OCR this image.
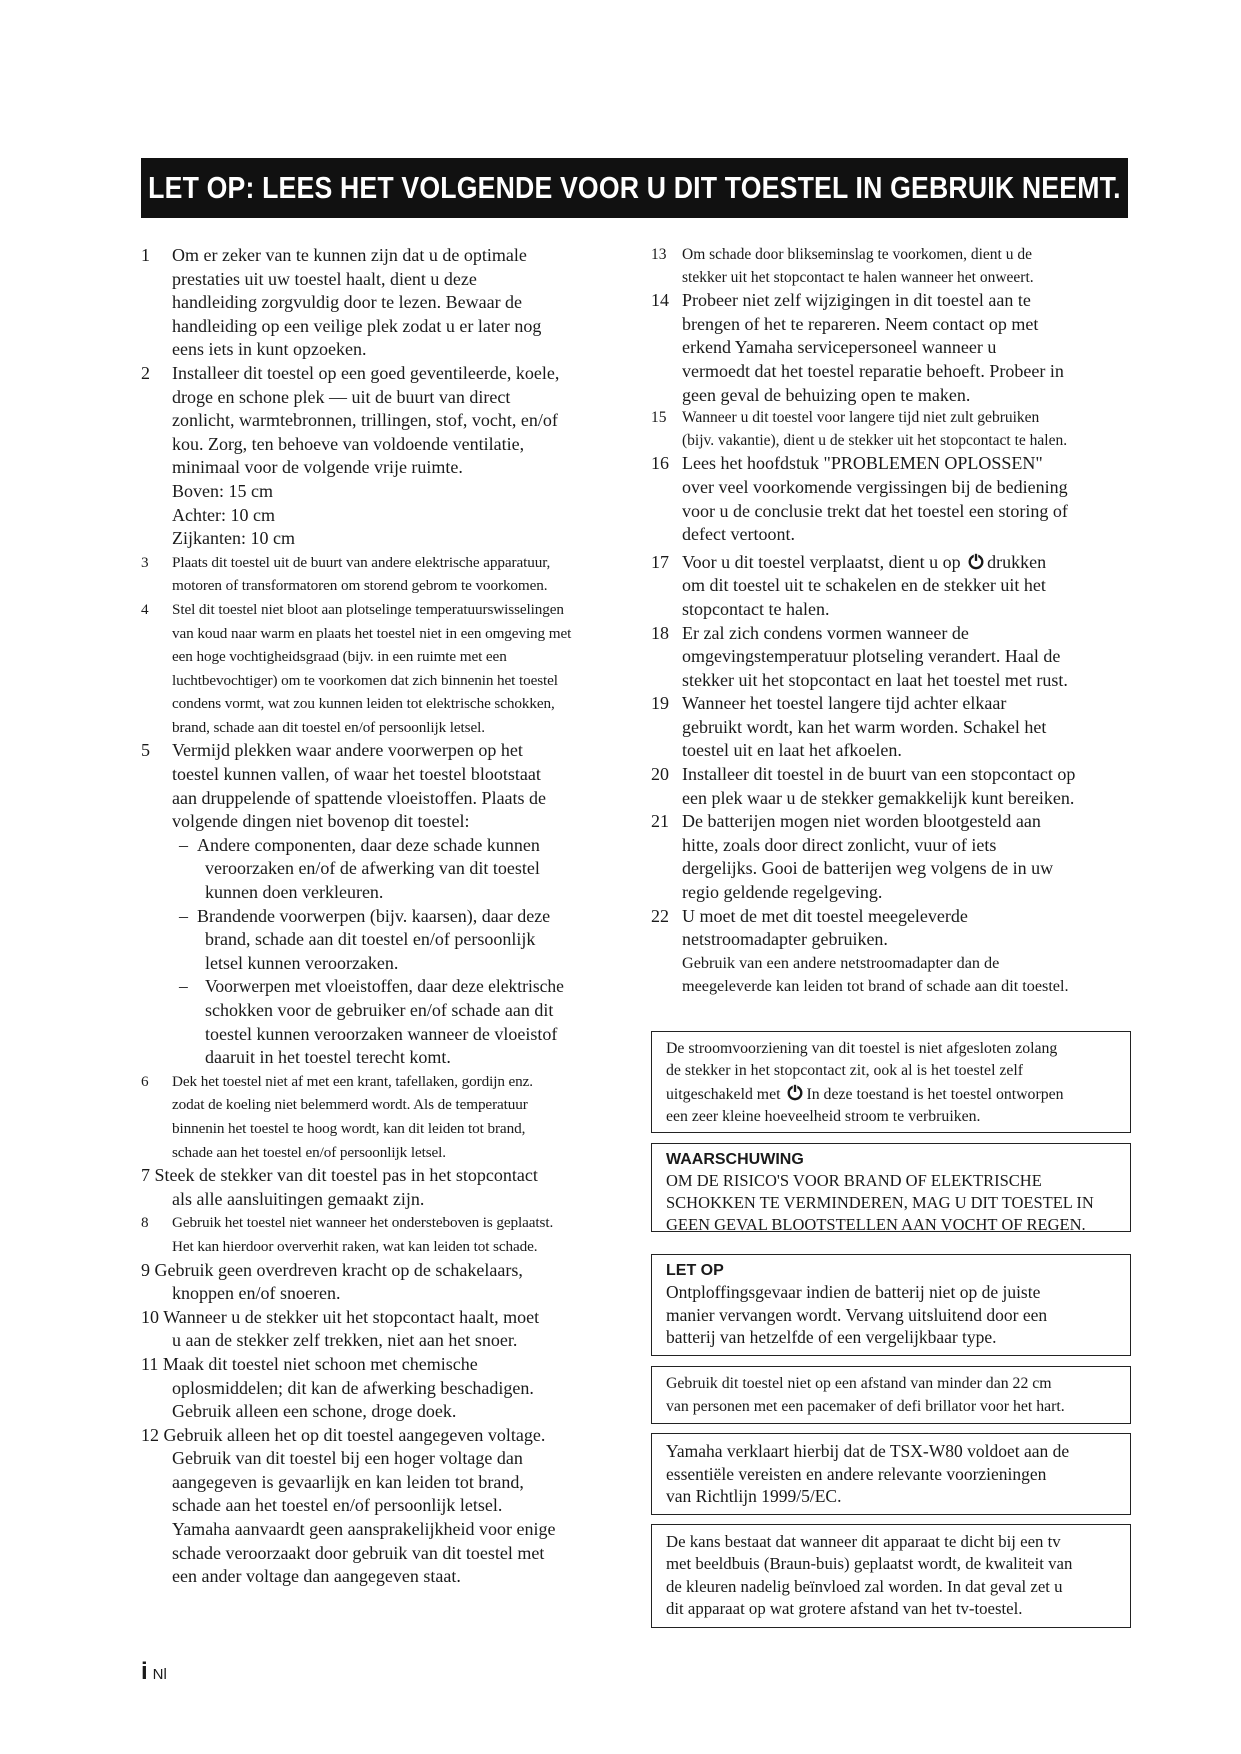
LET OP: LEES HET VOLGENDE VOOR U DIT TOESTEL IN GEBRUIK NEEMT.
1 Om er zeker van te kunnen zijn dat u de optimale
prestaties uit uw toestel haalt, dient u deze
handleiding zorgvuldig door te lezen. Bewaar de
handleiding op een veilige plek zodat u er later nog
eens iets in kunt opzoeken.
2 Installeer dit toestel op een goed geventileerde, koele,
droge en schone plek — uit de buurt van direct
zonlicht, warmtebronnen, trillingen, stof, vocht, en/of
kou. Zorg, ten behoeve van voldoende ventilatie,
minimaal voor de volgende vrije ruimte.
Boven: 15 cm
Achter: 10 cm
Zijkanten: 10 cm
3 Plaats dit toestel uit de buurt van andere elektrische apparatuur,
motoren of transformatoren om storend gebrom te voorkomen.
4 Stel dit toestel niet bloot aan plotselinge temperatuurswisselingen
van koud naar warm en plaats het toestel niet in een omgeving met
een hoge vochtigheidsgraad (bijv. in een ruimte met een
luchtbevochtiger) om te voorkomen dat zich binnenin het toestel
condens vormt, wat zou kunnen leiden tot elektrische schokken,
brand, schade aan dit toestel en/of persoonlijk letsel.
5 Vermijd plekken waar andere voorwerpen op het
toestel kunnen vallen, of waar het toestel blootstaat
aan druppelende of spattende vloeistoffen. Plaats de
volgende dingen niet bovenop dit toestel:
– Andere componenten, daar deze schade kunnen
veroorzaken en/of de afwerking van dit toestel
kunnen doen verkleuren.
– Brandende voorwerpen (bijv. kaarsen), daar deze
brand, schade aan dit toestel en/of persoonlijk
letsel kunnen veroorzaken.
– Voorwerpen met vloeistoffen, daar deze elektrische
schokken voor de gebruiker en/of schade aan dit
toestel kunnen veroorzaken wanneer de vloeistof
daaruit in het toestel terecht komt.
6 Dek het toestel niet af met een krant, tafellaken, gordijn enz.
zodat de koeling niet belemmerd wordt. Als de temperatuur
binnenin het toestel te hoog wordt, kan dit leiden tot brand,
schade aan het toestel en/of persoonlijk letsel.
7 Steek de stekker van dit toestel pas in het stopcontact
als alle aansluitingen gemaakt zijn.
8 Gebruik het toestel niet wanneer het ondersteboven is geplaatst.
Het kan hierdoor oververhit raken, wat kan leiden tot schade.
9 Gebruik geen overdreven kracht op de schakelaars,
knoppen en/of snoeren.
10 Wanneer u de stekker uit het stopcontact haalt, moet
u aan de stekker zelf trekken, niet aan het snoer.
11 Maak dit toestel niet schoon met chemische
oplosmiddelen; dit kan de afwerking beschadigen.
Gebruik alleen een schone, droge doek.
12 Gebruik alleen het op dit toestel aangegeven voltage.
Gebruik van dit toestel bij een hoger voltage dan
aangegeven is gevaarlijk en kan leiden tot brand,
schade aan het toestel en/of persoonlijk letsel.
Yamaha aanvaardt geen aansprakelijkheid voor enige
schade veroorzaakt door gebruik van dit toestel met
een ander voltage dan aangegeven staat.
13 Om schade door blikseminslag te voorkomen, dient u de
stekker uit het stopcontact te halen wanneer het onweert.
14 Probeer niet zelf wijzigingen in dit toestel aan te
brengen of het te repareren. Neem contact op met
erkend Yamaha servicepersoneel wanneer u
vermoedt dat het toestel reparatie behoeft. Probeer in
geen geval de behuizing open te maken.
15 Wanneer u dit toestel voor langere tijd niet zult gebruiken
(bijv. vakantie), dient u de stekker uit het stopcontact te halen.
16 Lees het hoofdstuk "PROBLEMEN OPLOSSEN"
over veel voorkomende vergissingen bij de bediening
voor u de conclusie trekt dat het toestel een storing of
defect vertoont.
17 Voor u dit toestel verplaatst, dient u op drukken
om dit toestel uit te schakelen en de stekker uit het
stopcontact te halen.
18 Er zal zich condens vormen wanneer de
omgevingstemperatuur plotseling verandert. Haal de
stekker uit het stopcontact en laat het toestel met rust.
19 Wanneer het toestel langere tijd achter elkaar
gebruikt wordt, kan het warm worden. Schakel het
toestel uit en laat het afkoelen.
20 Installeer dit toestel in de buurt van een stopcontact op
een plek waar u de stekker gemakkelijk kunt bereiken.
21 De batterijen mogen niet worden blootgesteld aan
hitte, zoals door direct zonlicht, vuur of iets
dergelijks. Gooi de batterijen weg volgens de in uw
regio geldende regelgeving.
22 U moet de met dit toestel meegeleverde
netstroomadapter gebruiken.
Gebruik van een andere netstroomadapter dan de
meegeleverde kan leiden tot brand of schade aan dit toestel.
De stroomvoorziening van dit toestel is niet afgesloten zolang
de stekker in het stopcontact zit, ook al is het toestel zelf
uitgeschakeld met In deze toestand is het toestel ontworpen
een zeer kleine hoeveelheid stroom te verbruiken.
WAARSCHUWING
OM DE RISICO'S VOOR BRAND OF ELEKTRISCHE
SCHOKKEN TE VERMINDEREN, MAG U DIT TOESTEL IN
GEEN GEVAL BLOOTSTELLEN AAN VOCHT OF REGEN.
LET OP
Ontploffingsgevaar indien de batterij niet op de juiste
manier vervangen wordt. Vervang uitsluitend door een
batterij van hetzelfde of een vergelijkbaar type.
Gebruik dit toestel niet op een afstand van minder dan 22 cm
van personen met een pacemaker of defi brillator voor het hart.
Yamaha verklaart hierbij dat de TSX-W80 voldoet aan de
essentiële vereisten en andere relevante voorzieningen
van Richtlijn 1999/5/EC.
De kans bestaat dat wanneer dit apparaat te dicht bij een tv
met beeldbuis (Braun-buis) geplaatst wordt, de kwaliteit van
de kleuren nadelig beïnvloed zal worden. In dat geval zet u
dit apparaat op wat grotere afstand van het tv-toestel.
i Nl
